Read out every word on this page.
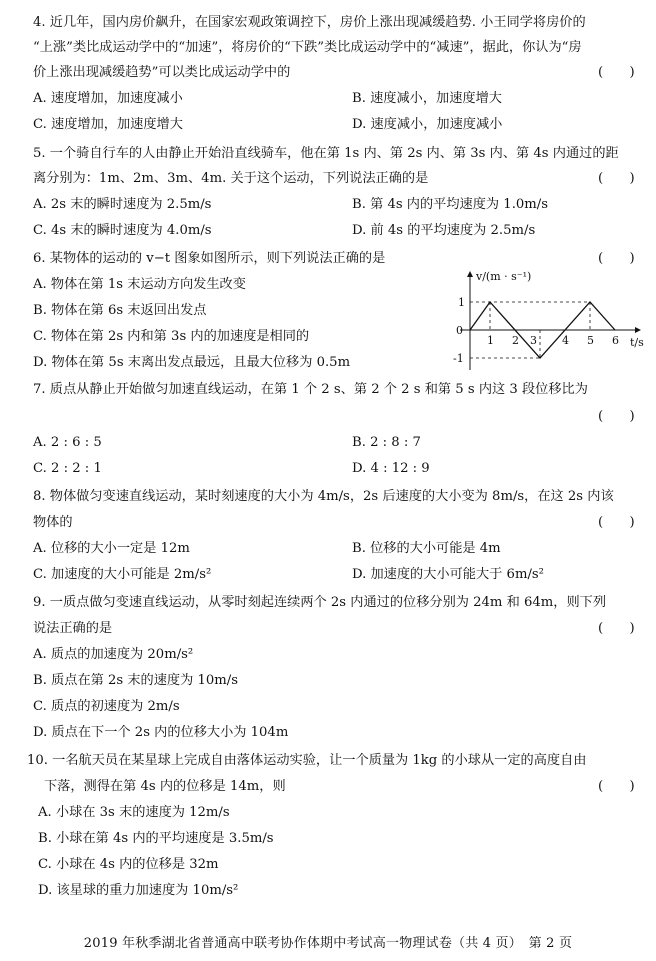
4. 近几年，国内房价飙升，在国家宏观政策调控下，房价上涨出现减缓趋势. 小王同学将房价的
“上涨”类比成运动学中的“加速”，将房价的“下跌”类比成运动学中的“减速”，据此，你认为“房
价上涨出现减缓趋势”可以类比成运动学中的	(　　)
A. 速度增加，加速度减小	B. 速度减小，加速度增大
C. 速度增加，加速度增大	D. 速度减小，加速度减小
5. 一个骑自行车的人由静止开始沿直线骑车，他在第 1s 内、第 2s 内、第 3s 内、第 4s 内通过的距
离分别为：1m、2m、3m、4m. 关于这个运动，下列说法正确的是	(　　)
A. 2s 末的瞬时速度为 2.5m/s	B. 第 4s 内的平均速度为 1.0m/s
C. 4s 末的瞬时速度为 4.0m/s	D. 前 4s 的平均速度为 2.5m/s
6. 某物体的运动的 v−t 图象如图所示，则下列说法正确的是	(　　)
A. 物体在第 1s 末运动方向发生改变
B. 物体在第 6s 末返回出发点
C. 物体在第 2s 内和第 3s 内的加速度是相同的
D. 物体在第 5s 末离出发点最远，且最大位移为 0.5m
v/(m · s⁻¹)
t/s
0
1
-1
1 2 3 4 5 6
7. 质点从静止开始做匀加速直线运动，在第 1 个 2 s、第 2 个 2 s 和第 5 s 内这 3 段位移比为
(　　)
A. 2 : 6 : 5	B. 2 : 8 : 7
C. 2 : 2 : 1	D. 4 : 12 : 9
8. 物体做匀变速直线运动，某时刻速度的大小为 4m/s，2s 后速度的大小变为 8m/s，在这 2s 内该
物体的	(　　)
A. 位移的大小一定是 12m	B. 位移的大小可能是 4m
C. 加速度的大小可能是 2m/s²	D. 加速度的大小可能大于 6m/s²
9. 一质点做匀变速直线运动，从零时刻起连续两个 2s 内通过的位移分别为 24m 和 64m，则下列
说法正确的是	(　　)
A. 质点的加速度为 20m/s²
B. 质点在第 2s 末的速度为 10m/s
C. 质点的初速度为 2m/s
D. 质点在下一个 2s 内的位移大小为 104m
10. 一名航天员在某星球上完成自由落体运动实验，让一个质量为 1kg 的小球从一定的高度自由
下落，测得在第 4s 内的位移是 14m，则	(　　)
A. 小球在 3s 末的速度为 12m/s
B. 小球在第 4s 内的平均速度是 3.5m/s
C. 小球在 4s 内的位移是 32m
D. 该星球的重力加速度为 10m/s²
2019 年秋季湖北省普通高中联考协作体期中考试高一物理试卷（共 4 页）　第 2 页
